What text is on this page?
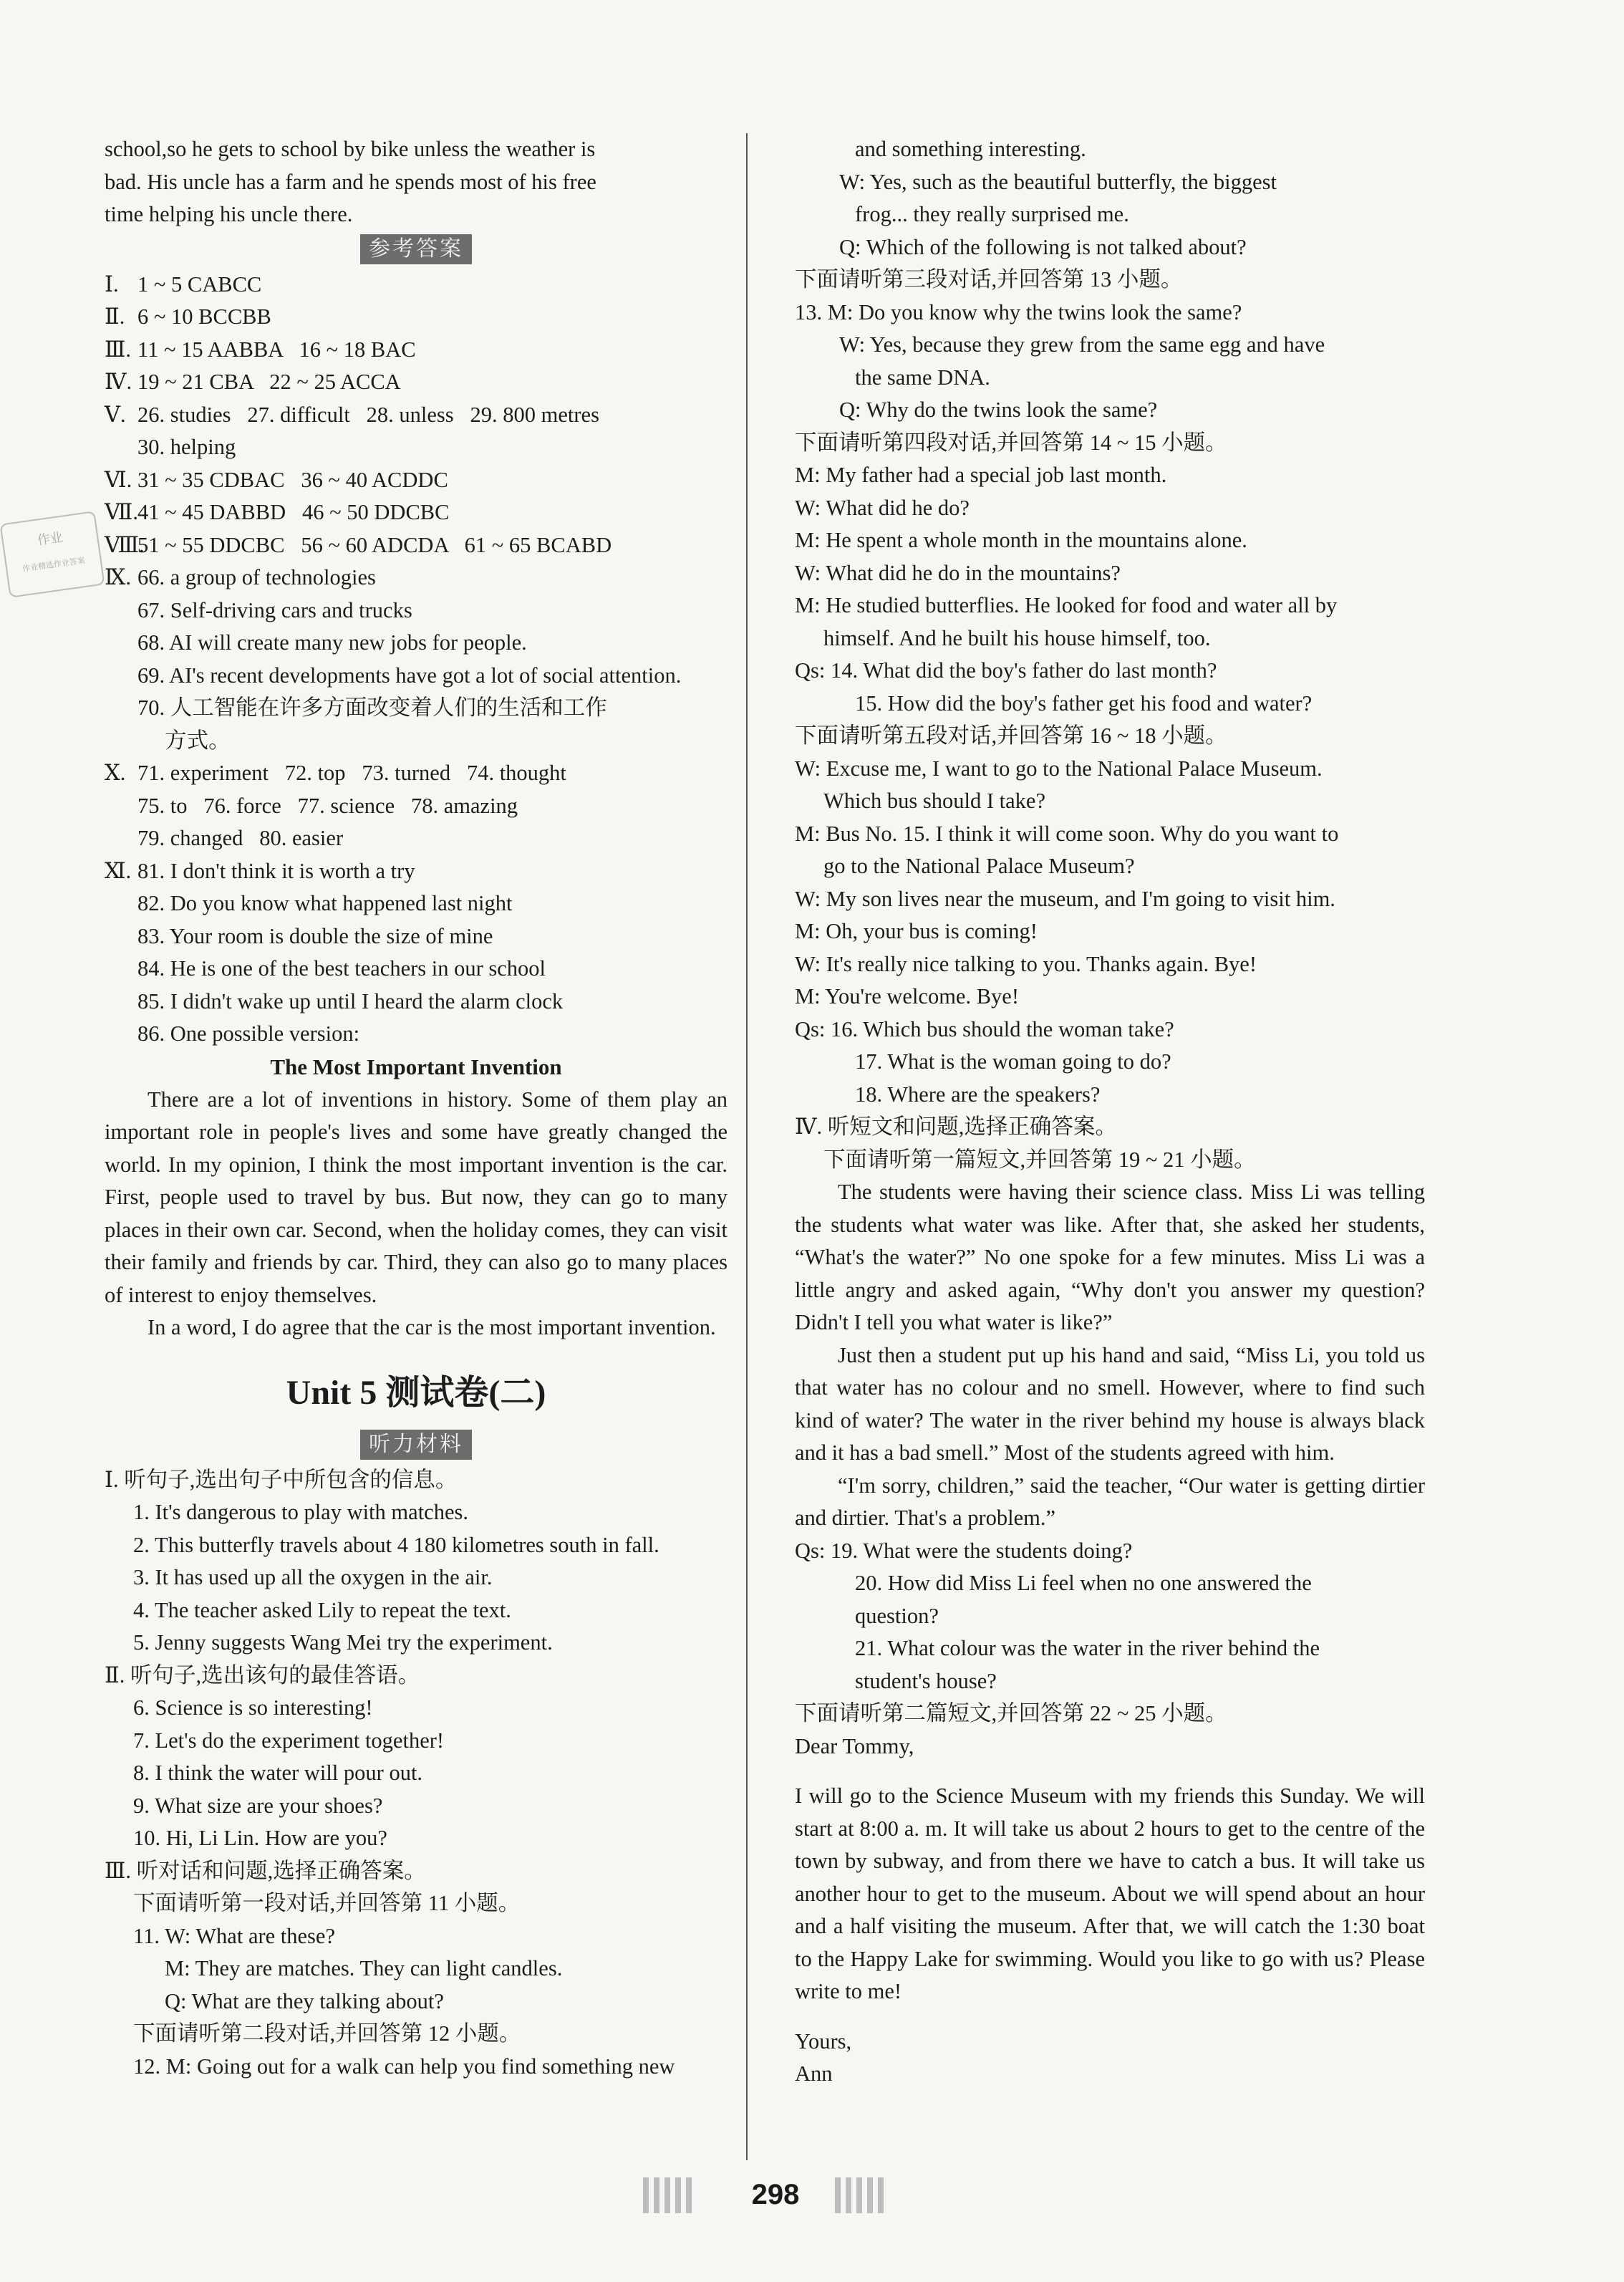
作业
作业精选作业答案
school,so he gets to school by bike unless the weather is
bad. His uncle has a farm and he spends most of his free
time helping his uncle there.
参考答案
Ⅰ. 1 ~ 5 CABCC
Ⅱ. 6 ~ 10 BCCBB
Ⅲ. 11 ~ 15 AABBA   16 ~ 18 BAC
Ⅳ. 19 ~ 21 CBA   22 ~ 25 ACCA
Ⅴ. 26. studies   27. difficult   28. unless   29. 800 metres
30. helping
Ⅵ. 31 ~ 35 CDBAC   36 ~ 40 ACDDC
Ⅶ.41 ~ 45 DABBD   46 ~ 50 DDCBC
Ⅷ.51 ~ 55 DDCBC   56 ~ 60 ADCDA   61 ~ 65 BCABD
Ⅸ. 66. a group of technologies
67. Self-driving cars and trucks
68. AI will create many new jobs for people.
69. AI's recent developments have got a lot of social attention.
70. 人工智能在许多方面改变着人们的生活和工作
方式。
Ⅹ. 71. experiment   72. top   73. turned   74. thought
75. to   76. force   77. science   78. amazing
79. changed   80. easier
Ⅺ. 81. I don't think it is worth a try
82. Do you know what happened last night
83. Your room is double the size of mine
84. He is one of the best teachers in our school
85. I didn't wake up until I heard the alarm clock
86. One possible version:
The Most Important Invention
There are a lot of inventions in history. Some of them play an important role in people's lives and some have greatly changed the world. In my opinion, I think the most important invention is the car. First, people used to travel by bus. But now, they can go to many places in their own car. Second, when the holiday comes, they can visit their family and friends by car. Third, they can also go to many places of interest to enjoy themselves.
In a word, I do agree that the car is the most important invention.
Unit 5 测试卷(二)
听力材料
Ⅰ. 听句子,选出句子中所包含的信息。
1. It's dangerous to play with matches.
2. This butterfly travels about 4 180 kilometres south in fall.
3. It has used up all the oxygen in the air.
4. The teacher asked Lily to repeat the text.
5. Jenny suggests Wang Mei try the experiment.
Ⅱ. 听句子,选出该句的最佳答语。
6. Science is so interesting!
7. Let's do the experiment together!
8. I think the water will pour out.
9. What size are your shoes?
10. Hi, Li Lin. How are you?
Ⅲ. 听对话和问题,选择正确答案。
下面请听第一段对话,并回答第 11 小题。
11. W: What are these?
M: They are matches. They can light candles.
Q: What are they talking about?
下面请听第二段对话,并回答第 12 小题。
12. M: Going out for a walk can help you find something new
and something interesting.
W: Yes, such as the beautiful butterfly, the biggest
frog... they really surprised me.
Q: Which of the following is not talked about?
下面请听第三段对话,并回答第 13 小题。
13. M: Do you know why the twins look the same?
W: Yes, because they grew from the same egg and have
the same DNA.
Q: Why do the twins look the same?
下面请听第四段对话,并回答第 14 ~ 15 小题。
M: My father had a special job last month.
W: What did he do?
M: He spent a whole month in the mountains alone.
W: What did he do in the mountains?
M: He studied butterflies. He looked for food and water all by
himself. And he built his house himself, too.
Qs: 14. What did the boy's father do last month?
15. How did the boy's father get his food and water?
下面请听第五段对话,并回答第 16 ~ 18 小题。
W: Excuse me, I want to go to the National Palace Museum.
Which bus should I take?
M: Bus No. 15. I think it will come soon. Why do you want to
go to the National Palace Museum?
W: My son lives near the museum, and I'm going to visit him.
M: Oh, your bus is coming!
W: It's really nice talking to you. Thanks again. Bye!
M: You're welcome. Bye!
Qs: 16. Which bus should the woman take?
17. What is the woman going to do?
18. Where are the speakers?
Ⅳ. 听短文和问题,选择正确答案。
下面请听第一篇短文,并回答第 19 ~ 21 小题。
The students were having their science class. Miss Li was telling the students what water was like. After that, she asked her students, “What's the water?” No one spoke for a few minutes. Miss Li was a little angry and asked again, “Why don't you answer my question? Didn't I tell you what water is like?”
Just then a student put up his hand and said, “Miss Li, you told us that water has no colour and no smell. However, where to find such kind of water? The water in the river behind my house is always black and it has a bad smell.” Most of the students agreed with him.
“I'm sorry, children,” said the teacher, “Our water is getting dirtier and dirtier. That's a problem.”
Qs: 19. What were the students doing?
20. How did Miss Li feel when no one answered the
question?
21. What colour was the water in the river behind the
student's house?
下面请听第二篇短文,并回答第 22 ~ 25 小题。
Dear Tommy,
I will go to the Science Museum with my friends this Sunday. We will start at 8:00 a. m. It will take us about 2 hours to get to the centre of the town by subway, and from there we have to catch a bus. It will take us another hour to get to the museum. About we will spend about an hour and a half visiting the museum. After that, we will catch the 1:30 boat to the Happy Lake for swimming. Would you like to go with us? Please write to me!
Yours,
Ann
298
